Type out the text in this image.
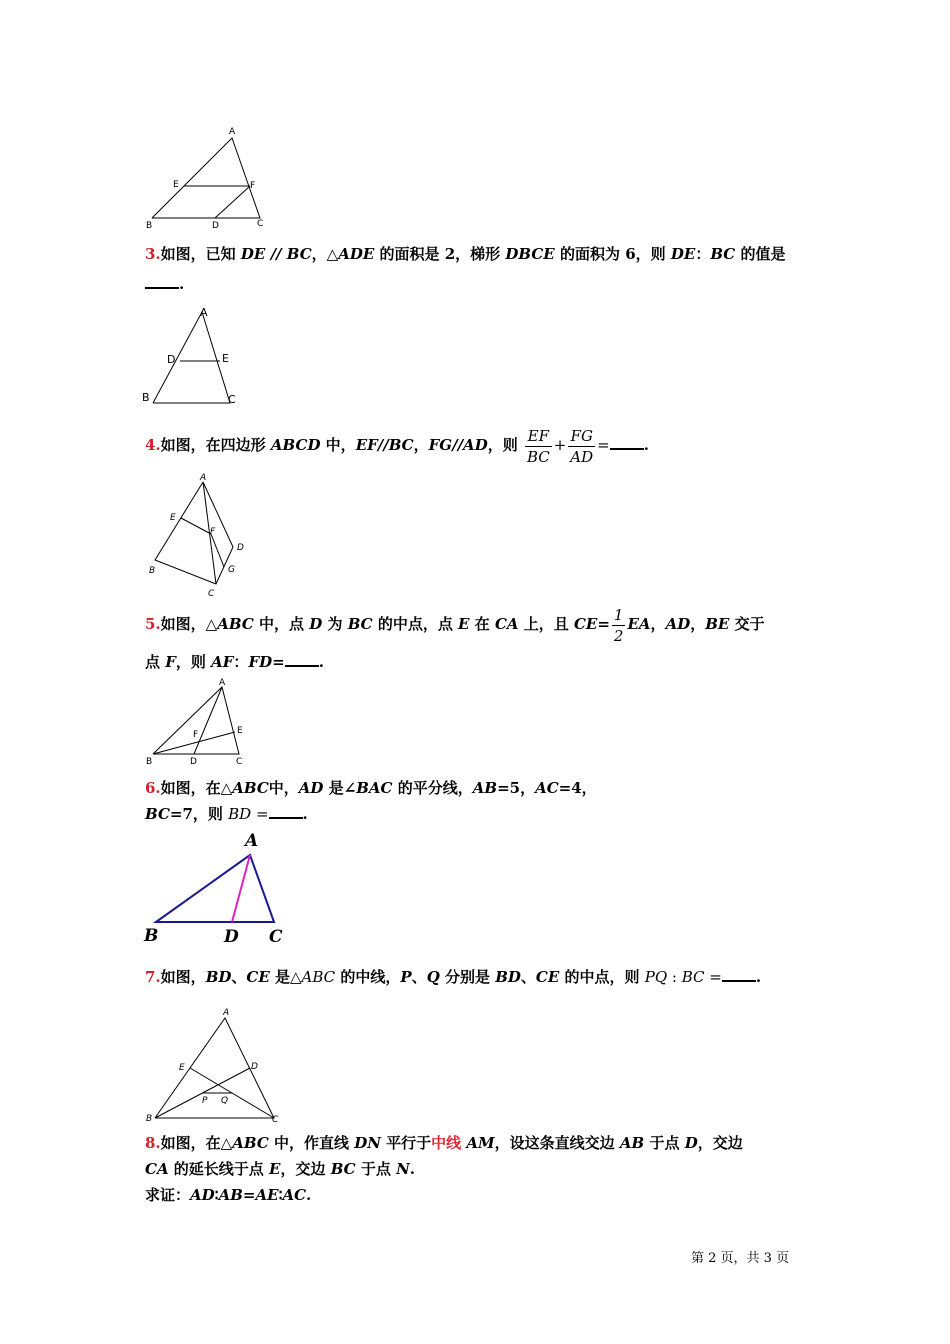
A
E	F
B	D	C
3.如图，已知 DE // BC，△ADE 的面积是 2，梯形 DBCE 的面积为 6，则 DE：BC 的值是
.
A
D	E
B	C
4.如图，在四边形 ABCD 中，EF//BC，FG//AD，则 $\frac{EF}{BC} + \frac{FG}{AD}$ = .
A
E
F
D
B	G
C
5.如图，△ABC 中，点 D 为 BC 的中点，点 E 在 CA 上，且 $CE= \frac{1}{2}$ EA，AD，BE 交于
点 F，则 AF：FD= .
A
E
F
B	D	C
6.如图，在△ABC中，AD 是∠BAC 的平分线，AB=5，AC=4，
BC=7，则 BD = .
A
B	D C
7.如图，BD、CE 是△ABC 的中线，P、Q 分别是 BD、CE 的中点，则 PQ : BC = .
A
E	D
P Q
B	C
8.如图，在△ABC 中，作直线 DN 平行于中线 AM，设这条直线交边 AB 于点 D，交边
CA 的延长线于点 E，交边 BC 于点 N.
求证：AD∶AB=AE∶AC.
第 2 页，共 3 页
